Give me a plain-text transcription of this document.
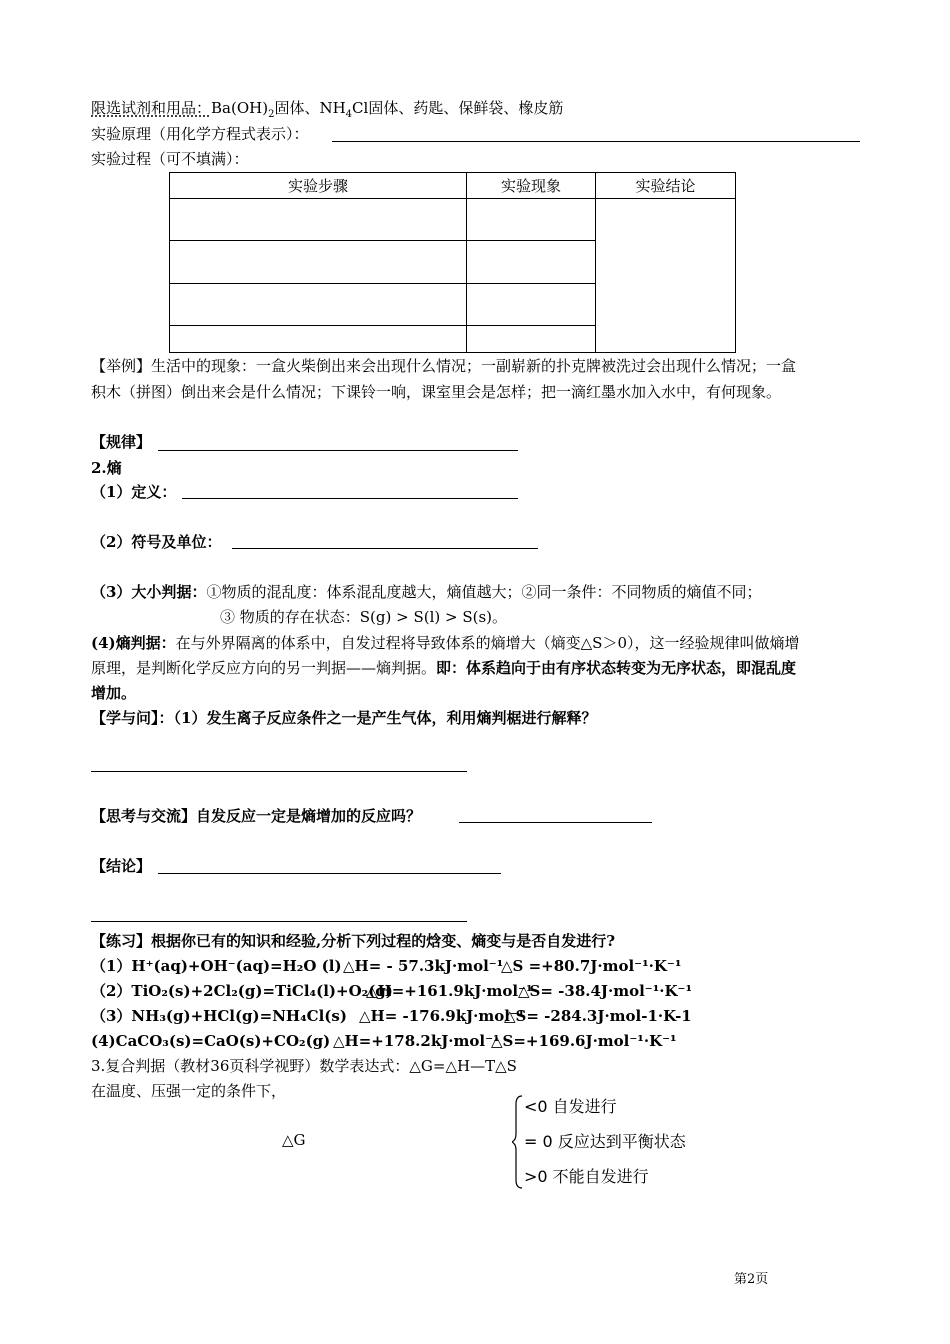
限选试剂和用品：$Ba(OH)_2$固体、$NH_4Cl$固体、药匙、保鲜袋、橡皮筋
实验原理（用化学方程式表示）：
实验过程（可不填满）：
实验步骤	实验现象	实验结论

【举例】生活中的现象：一盒火柴倒出来会出现什么情况；一副崭新的扑克牌被洗过会出现什么情况；一盒
积木（拼图）倒出来会是什么情况；下课铃一响，课室里会是怎样；把一滴红墨水加入水中，有何现象。
【规律】
2.熵
（1）定义：
（2）符号及单位：
（3）大小判据：①物质的混乱度：体系混乱度越大，熵值越大；②同一条件：不同物质的熵值不同；
③ 物质的存在状态：S(g) > S(l) > S(s)。
(4)熵判据：在与外界隔离的体系中，自发过程将导致体系的熵增大（熵变△S＞0），这一经验规律叫做熵增
原理，是判断化学反应方向的另一判据——熵判据。即：体系趋向于由有序状态转变为无序状态，即混乱度
增加。
【学与问】：（1）发生离子反应条件之一是产生气体，利用熵判椐进行解释？
【思考与交流】自发反应一定是熵增加的反应吗？
【结论】
【练习】根据你已有的知识和经验,分析下列过程的焓变、熵变与是否自发进行?
（1）H⁺(aq)+OH⁻(aq)=H₂O (l) △H= - 57.3kJ·mol⁻¹
△S =+80.7J·mol⁻¹·K⁻¹
（2）TiO₂(s)+2Cl₂(g)=TiCl₄(l)+O₂(g)
△H=+161.9kJ·mol⁻¹
△S= -38.4J·mol⁻¹·K⁻¹
（3）NH₃(g)+HCl(g)=NH₄Cl(s) △H= -176.9kJ·mol⁻¹
△S= -284.3J·mol-1·K-1
(4)CaCO₃(s)=CaO(s)+CO₂(g) △H=+178.2kJ·mol⁻¹
△S=+169.6J·mol⁻¹·K⁻¹
3.复合判据（教材36页科学视野）数学表达式：△G=△H—T△S
在温度、压强一定的条件下，
△G
<0 自发进行
= 0 反应达到平衡状态
>0 不能自发进行
第2页
